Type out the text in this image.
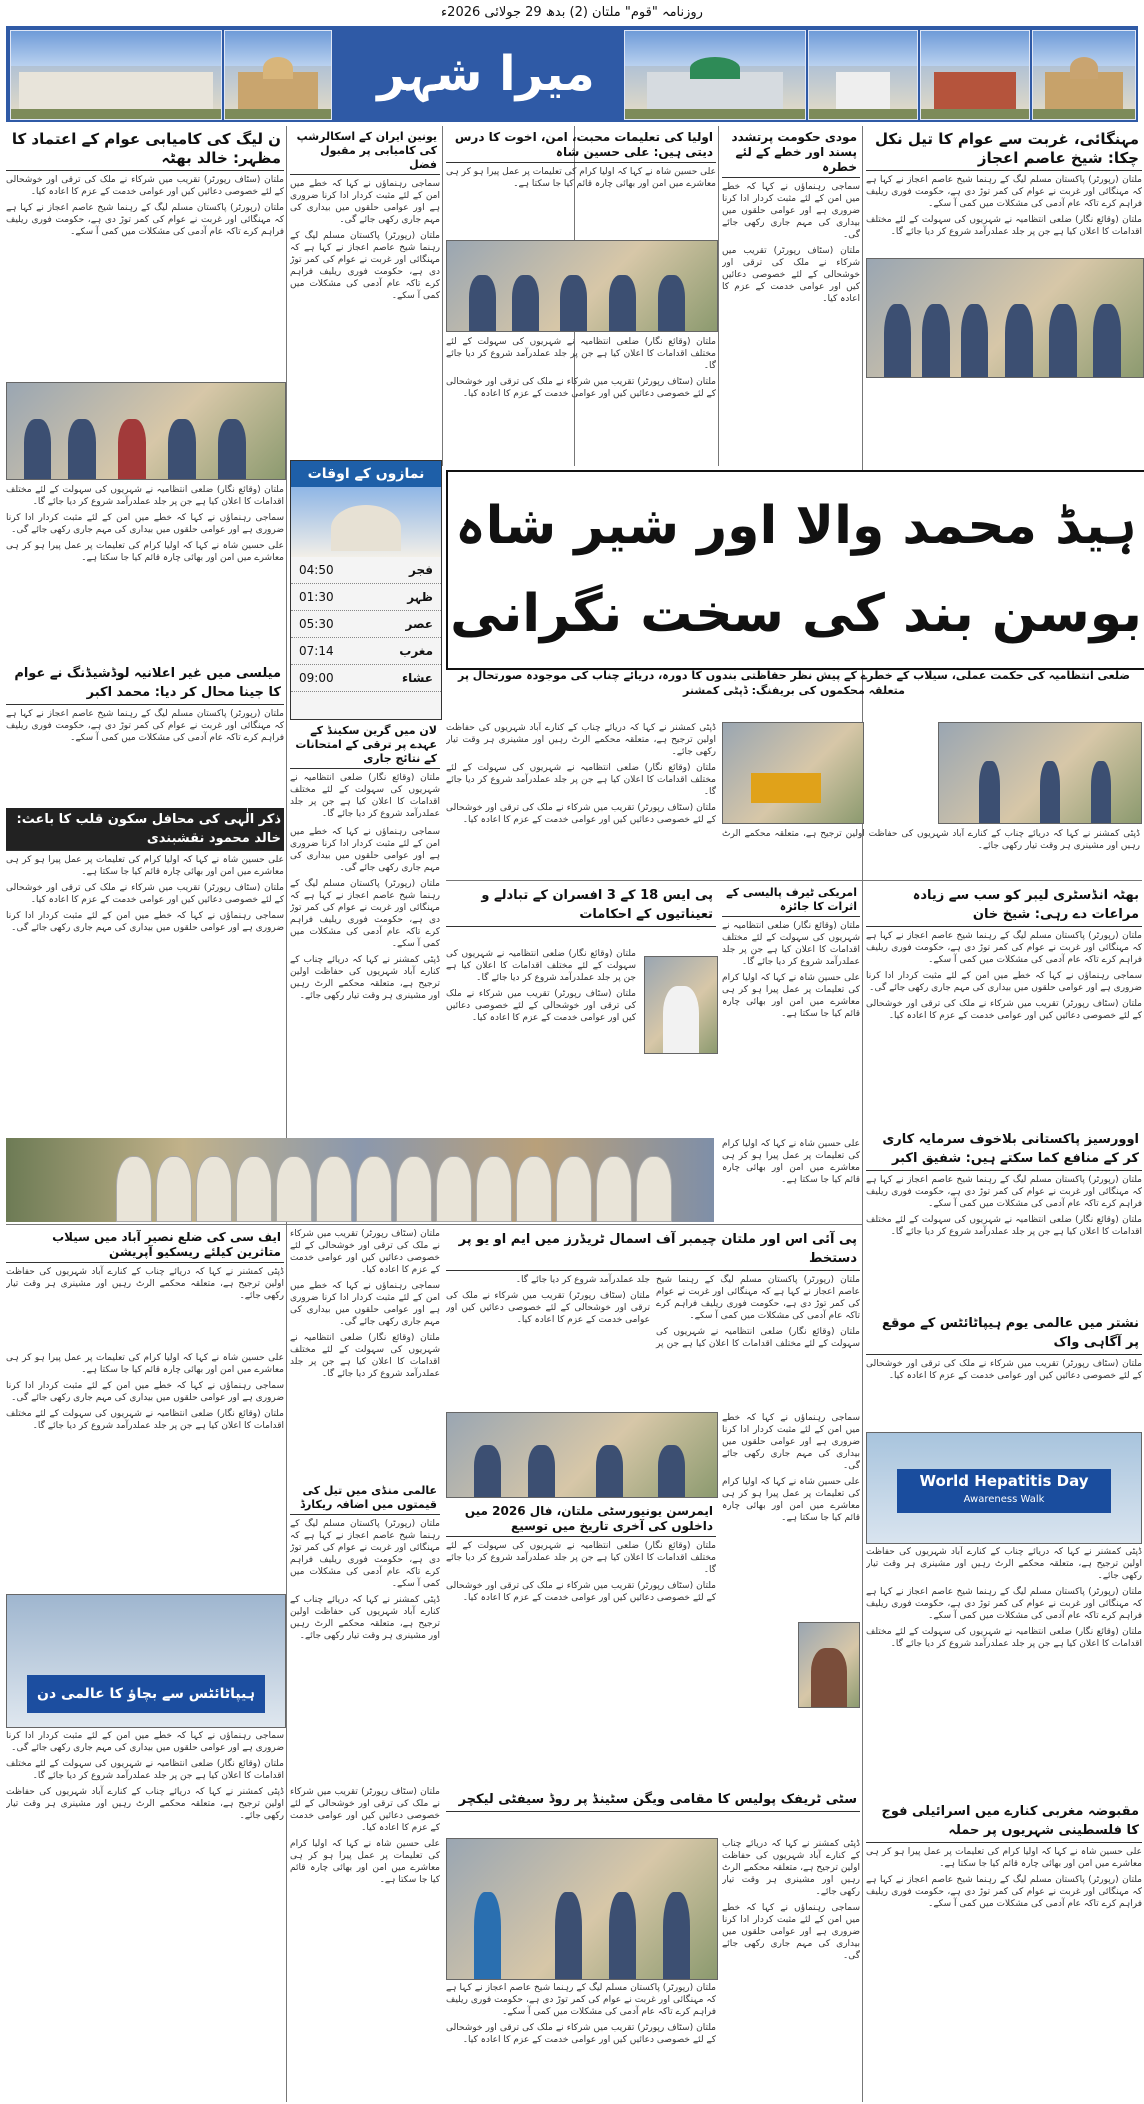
روزنامہ "قوم" ملتان (2) بدھ 29 جولائی 2026ء
میرا شہر
مہنگائی، غربت سے عوام کا تیل نکل چکا: شیخ عاصم اعجاز
ملتان (رپورٹر) پاکستان مسلم لیگ کے رہنما شیخ عاصم اعجاز نے کہا ہے کہ مہنگائی اور غربت نے عوام کی کمر توڑ دی ہے، حکومت فوری ریلیف فراہم کرے تاکہ عام آدمی کی مشکلات میں کمی آ سکے۔
ملتان (وقائع نگار) ضلعی انتظامیہ نے شہریوں کی سہولت کے لئے مختلف اقدامات کا اعلان کیا ہے جن پر جلد عملدرآمد شروع کر دیا جائے گا۔
مودی حکومت پرتشدد پسند اور خطے کے لئے خطرہ
سماجی رہنماؤں نے کہا کہ خطے میں امن کے لئے مثبت کردار ادا کرنا ضروری ہے اور عوامی حلقوں میں بیداری کی مہم جاری رکھی جائے گی۔
ملتان (سٹاف رپورٹر) تقریب میں شرکاء نے ملک کی ترقی اور خوشحالی کے لئے خصوصی دعائیں کیں اور عوامی خدمت کے عزم کا اعادہ کیا۔
اولیا کی تعلیمات محبت، امن، اخوت کا درس دیتی ہیں: علی حسین شاہ
علی حسین شاہ نے کہا کہ اولیا کرام کی تعلیمات پر عمل پیرا ہو کر ہی معاشرے میں امن اور بھائی چارہ قائم کیا جا سکتا ہے۔
ملتان (وقائع نگار) ضلعی انتظامیہ نے شہریوں کی سہولت کے لئے مختلف اقدامات کا اعلان کیا ہے جن پر جلد عملدرآمد شروع کر دیا جائے گا۔
ملتان (سٹاف رپورٹر) تقریب میں شرکاء نے ملک کی ترقی اور خوشحالی کے لئے خصوصی دعائیں کیں اور عوامی خدمت کے عزم کا اعادہ کیا۔
یونین ایران کے اسکالرشپ کی کامیابی پر مقبول فضل
سماجی رہنماؤں نے کہا کہ خطے میں امن کے لئے مثبت کردار ادا کرنا ضروری ہے اور عوامی حلقوں میں بیداری کی مہم جاری رکھی جائے گی۔
ملتان (رپورٹر) پاکستان مسلم لیگ کے رہنما شیخ عاصم اعجاز نے کہا ہے کہ مہنگائی اور غربت نے عوام کی کمر توڑ دی ہے، حکومت فوری ریلیف فراہم کرے تاکہ عام آدمی کی مشکلات میں کمی آ سکے۔
ن لیگ کی کامیابی عوام کے اعتماد کا مظہر: خالد بھٹہ
ملتان (سٹاف رپورٹر) تقریب میں شرکاء نے ملک کی ترقی اور خوشحالی کے لئے خصوصی دعائیں کیں اور عوامی خدمت کے عزم کا اعادہ کیا۔
ملتان (رپورٹر) پاکستان مسلم لیگ کے رہنما شیخ عاصم اعجاز نے کہا ہے کہ مہنگائی اور غربت نے عوام کی کمر توڑ دی ہے، حکومت فوری ریلیف فراہم کرے تاکہ عام آدمی کی مشکلات میں کمی آ سکے۔
ملتان (وقائع نگار) ضلعی انتظامیہ نے شہریوں کی سہولت کے لئے مختلف اقدامات کا اعلان کیا ہے جن پر جلد عملدرآمد شروع کر دیا جائے گا۔
سماجی رہنماؤں نے کہا کہ خطے میں امن کے لئے مثبت کردار ادا کرنا ضروری ہے اور عوامی حلقوں میں بیداری کی مہم جاری رکھی جائے گی۔
علی حسین شاہ نے کہا کہ اولیا کرام کی تعلیمات پر عمل پیرا ہو کر ہی معاشرے میں امن اور بھائی چارہ قائم کیا جا سکتا ہے۔
میلسی میں غیر اعلانیہ لوڈشیڈنگ نے عوام کا جینا محال کر دیا: محمد اکبر
ملتان (رپورٹر) پاکستان مسلم لیگ کے رہنما شیخ عاصم اعجاز نے کہا ہے کہ مہنگائی اور غربت نے عوام کی کمر توڑ دی ہے، حکومت فوری ریلیف فراہم کرے تاکہ عام آدمی کی مشکلات میں کمی آ سکے۔
ذکر الٰہی کی محافل سکون قلب کا باعث: خالد محمود نقشبندی
علی حسین شاہ نے کہا کہ اولیا کرام کی تعلیمات پر عمل پیرا ہو کر ہی معاشرے میں امن اور بھائی چارہ قائم کیا جا سکتا ہے۔
ملتان (سٹاف رپورٹر) تقریب میں شرکاء نے ملک کی ترقی اور خوشحالی کے لئے خصوصی دعائیں کیں اور عوامی خدمت کے عزم کا اعادہ کیا۔
سماجی رہنماؤں نے کہا کہ خطے میں امن کے لئے مثبت کردار ادا کرنا ضروری ہے اور عوامی حلقوں میں بیداری کی مہم جاری رکھی جائے گی۔
نمازوں کے اوقات
04:50	فجر
01:30	ظہر
05:30	عصر
07:14	مغرب
09:00	عشاء
ہیڈ محمد والا اور شیر شاہ بوسن بند کی سخت نگرانی
ضلعی انتظامیہ کی حکمت عملی، سیلاب کے خطرے کے پیش نظر حفاظتی بندوں کا دورہ، دریائے چناب کی موجودہ صورتحال پر متعلقہ محکموں کی بریفنگ: ڈپٹی کمشنر
لان میں گرین سکینڈ کے عہدے پر ترقی کے امتحانات کے نتائج جاری
ملتان (وقائع نگار) ضلعی انتظامیہ نے شہریوں کی سہولت کے لئے مختلف اقدامات کا اعلان کیا ہے جن پر جلد عملدرآمد شروع کر دیا جائے گا۔
ڈپٹی کمشنر نے کہا کہ دریائے چناب کے کنارے آباد شہریوں کی حفاظت اولین ترجیح ہے، متعلقہ محکمے الرٹ رہیں اور مشینری ہر وقت تیار رکھی جائے۔
ملتان (وقائع نگار) ضلعی انتظامیہ نے شہریوں کی سہولت کے لئے مختلف اقدامات کا اعلان کیا ہے جن پر جلد عملدرآمد شروع کر دیا جائے گا۔
ملتان (سٹاف رپورٹر) تقریب میں شرکاء نے ملک کی ترقی اور خوشحالی کے لئے خصوصی دعائیں کیں اور عوامی خدمت کے عزم کا اعادہ کیا۔
ڈپٹی کمشنر نے کہا کہ دریائے چناب کے کنارے آباد شہریوں کی حفاظت اولین ترجیح ہے، متعلقہ محکمے الرٹ رہیں اور مشینری ہر وقت تیار رکھی جائے۔
بھٹہ انڈسٹری لیبر کو سب سے زیادہ مراعات دے رہی: شیخ خان
ملتان (رپورٹر) پاکستان مسلم لیگ کے رہنما شیخ عاصم اعجاز نے کہا ہے کہ مہنگائی اور غربت نے عوام کی کمر توڑ دی ہے، حکومت فوری ریلیف فراہم کرے تاکہ عام آدمی کی مشکلات میں کمی آ سکے۔
سماجی رہنماؤں نے کہا کہ خطے میں امن کے لئے مثبت کردار ادا کرنا ضروری ہے اور عوامی حلقوں میں بیداری کی مہم جاری رکھی جائے گی۔
ملتان (سٹاف رپورٹر) تقریب میں شرکاء نے ملک کی ترقی اور خوشحالی کے لئے خصوصی دعائیں کیں اور عوامی خدمت کے عزم کا اعادہ کیا۔
امریکی ٹیرف پالیسی کے اثرات کا جائزہ
ملتان (وقائع نگار) ضلعی انتظامیہ نے شہریوں کی سہولت کے لئے مختلف اقدامات کا اعلان کیا ہے جن پر جلد عملدرآمد شروع کر دیا جائے گا۔
علی حسین شاہ نے کہا کہ اولیا کرام کی تعلیمات پر عمل پیرا ہو کر ہی معاشرے میں امن اور بھائی چارہ قائم کیا جا سکتا ہے۔
پی ایس 18 کے 3 افسران کے تبادلے و تعیناتیوں کے احکامات
ملتان (وقائع نگار) ضلعی انتظامیہ نے شہریوں کی سہولت کے لئے مختلف اقدامات کا اعلان کیا ہے جن پر جلد عملدرآمد شروع کر دیا جائے گا۔
ملتان (سٹاف رپورٹر) تقریب میں شرکاء نے ملک کی ترقی اور خوشحالی کے لئے خصوصی دعائیں کیں اور عوامی خدمت کے عزم کا اعادہ کیا۔
سماجی رہنماؤں نے کہا کہ خطے میں امن کے لئے مثبت کردار ادا کرنا ضروری ہے اور عوامی حلقوں میں بیداری کی مہم جاری رکھی جائے گی۔
ملتان (رپورٹر) پاکستان مسلم لیگ کے رہنما شیخ عاصم اعجاز نے کہا ہے کہ مہنگائی اور غربت نے عوام کی کمر توڑ دی ہے، حکومت فوری ریلیف فراہم کرے تاکہ عام آدمی کی مشکلات میں کمی آ سکے۔
ڈپٹی کمشنر نے کہا کہ دریائے چناب کے کنارے آباد شہریوں کی حفاظت اولین ترجیح ہے، متعلقہ محکمے الرٹ رہیں اور مشینری ہر وقت تیار رکھی جائے۔
علی حسین شاہ نے کہا کہ اولیا کرام کی تعلیمات پر عمل پیرا ہو کر ہی معاشرے میں امن اور بھائی چارہ قائم کیا جا سکتا ہے۔
اوورسیز پاکستانی بلاخوف سرمایہ کاری کر کے منافع کما سکتے ہیں: شفیق اکبر
ملتان (رپورٹر) پاکستان مسلم لیگ کے رہنما شیخ عاصم اعجاز نے کہا ہے کہ مہنگائی اور غربت نے عوام کی کمر توڑ دی ہے، حکومت فوری ریلیف فراہم کرے تاکہ عام آدمی کی مشکلات میں کمی آ سکے۔
ملتان (وقائع نگار) ضلعی انتظامیہ نے شہریوں کی سہولت کے لئے مختلف اقدامات کا اعلان کیا ہے جن پر جلد عملدرآمد شروع کر دیا جائے گا۔
ایف سی کی ضلع نصیر آباد میں سیلاب متاثرین کیلئے ریسکیو آپریشن
ڈپٹی کمشنر نے کہا کہ دریائے چناب کے کنارے آباد شہریوں کی حفاظت اولین ترجیح ہے، متعلقہ محکمے الرٹ رہیں اور مشینری ہر وقت تیار رکھی جائے۔
ملتان (سٹاف رپورٹر) تقریب میں شرکاء نے ملک کی ترقی اور خوشحالی کے لئے خصوصی دعائیں کیں اور عوامی خدمت کے عزم کا اعادہ کیا۔
سماجی رہنماؤں نے کہا کہ خطے میں امن کے لئے مثبت کردار ادا کرنا ضروری ہے اور عوامی حلقوں میں بیداری کی مہم جاری رکھی جائے گی۔
ملتان (وقائع نگار) ضلعی انتظامیہ نے شہریوں کی سہولت کے لئے مختلف اقدامات کا اعلان کیا ہے جن پر جلد عملدرآمد شروع کر دیا جائے گا۔
پی آئی اس اور ملتان چیمبر آف اسمال ٹریڈرز میں ایم او یو پر دستخط
ملتان (رپورٹر) پاکستان مسلم لیگ کے رہنما شیخ عاصم اعجاز نے کہا ہے کہ مہنگائی اور غربت نے عوام کی کمر توڑ دی ہے، حکومت فوری ریلیف فراہم کرے تاکہ عام آدمی کی مشکلات میں کمی آ سکے۔
ملتان (وقائع نگار) ضلعی انتظامیہ نے شہریوں کی سہولت کے لئے مختلف اقدامات کا اعلان کیا ہے جن پر جلد عملدرآمد شروع کر دیا جائے گا۔
ملتان (سٹاف رپورٹر) تقریب میں شرکاء نے ملک کی ترقی اور خوشحالی کے لئے خصوصی دعائیں کیں اور عوامی خدمت کے عزم کا اعادہ کیا۔
سماجی رہنماؤں نے کہا کہ خطے میں امن کے لئے مثبت کردار ادا کرنا ضروری ہے اور عوامی حلقوں میں بیداری کی مہم جاری رکھی جائے گی۔
علی حسین شاہ نے کہا کہ اولیا کرام کی تعلیمات پر عمل پیرا ہو کر ہی معاشرے میں امن اور بھائی چارہ قائم کیا جا سکتا ہے۔
نشتر میں عالمی یوم ہیپاٹائٹس کے موقع پر آگاہی واک
ملتان (سٹاف رپورٹر) تقریب میں شرکاء نے ملک کی ترقی اور خوشحالی کے لئے خصوصی دعائیں کیں اور عوامی خدمت کے عزم کا اعادہ کیا۔
World Hepatitis Day
Awareness Walk
ڈپٹی کمشنر نے کہا کہ دریائے چناب کے کنارے آباد شہریوں کی حفاظت اولین ترجیح ہے، متعلقہ محکمے الرٹ رہیں اور مشینری ہر وقت تیار رکھی جائے۔
ملتان (رپورٹر) پاکستان مسلم لیگ کے رہنما شیخ عاصم اعجاز نے کہا ہے کہ مہنگائی اور غربت نے عوام کی کمر توڑ دی ہے، حکومت فوری ریلیف فراہم کرے تاکہ عام آدمی کی مشکلات میں کمی آ سکے۔
ملتان (وقائع نگار) ضلعی انتظامیہ نے شہریوں کی سہولت کے لئے مختلف اقدامات کا اعلان کیا ہے جن پر جلد عملدرآمد شروع کر دیا جائے گا۔
علی حسین شاہ نے کہا کہ اولیا کرام کی تعلیمات پر عمل پیرا ہو کر ہی معاشرے میں امن اور بھائی چارہ قائم کیا جا سکتا ہے۔
سماجی رہنماؤں نے کہا کہ خطے میں امن کے لئے مثبت کردار ادا کرنا ضروری ہے اور عوامی حلقوں میں بیداری کی مہم جاری رکھی جائے گی۔
ملتان (وقائع نگار) ضلعی انتظامیہ نے شہریوں کی سہولت کے لئے مختلف اقدامات کا اعلان کیا ہے جن پر جلد عملدرآمد شروع کر دیا جائے گا۔
ہیپاٹائٹس سے بچاؤ کا عالمی دن
عالمی منڈی میں تیل کی قیمتوں میں اضافہ ریکارڈ
ملتان (رپورٹر) پاکستان مسلم لیگ کے رہنما شیخ عاصم اعجاز نے کہا ہے کہ مہنگائی اور غربت نے عوام کی کمر توڑ دی ہے، حکومت فوری ریلیف فراہم کرے تاکہ عام آدمی کی مشکلات میں کمی آ سکے۔
ڈپٹی کمشنر نے کہا کہ دریائے چناب کے کنارے آباد شہریوں کی حفاظت اولین ترجیح ہے، متعلقہ محکمے الرٹ رہیں اور مشینری ہر وقت تیار رکھی جائے۔
ایمرسن یونیورسٹی ملتان، فال 2026 میں داخلوں کی آخری تاریخ میں توسیع
ملتان (وقائع نگار) ضلعی انتظامیہ نے شہریوں کی سہولت کے لئے مختلف اقدامات کا اعلان کیا ہے جن پر جلد عملدرآمد شروع کر دیا جائے گا۔
ملتان (سٹاف رپورٹر) تقریب میں شرکاء نے ملک کی ترقی اور خوشحالی کے لئے خصوصی دعائیں کیں اور عوامی خدمت کے عزم کا اعادہ کیا۔
سٹی ٹریفک پولیس کا مقامی ویگن سٹینڈ پر روڈ سیفٹی لیکچر
ڈپٹی کمشنر نے کہا کہ دریائے چناب کے کنارے آباد شہریوں کی حفاظت اولین ترجیح ہے، متعلقہ محکمے الرٹ رہیں اور مشینری ہر وقت تیار رکھی جائے۔
سماجی رہنماؤں نے کہا کہ خطے میں امن کے لئے مثبت کردار ادا کرنا ضروری ہے اور عوامی حلقوں میں بیداری کی مہم جاری رکھی جائے گی۔
ملتان (رپورٹر) پاکستان مسلم لیگ کے رہنما شیخ عاصم اعجاز نے کہا ہے کہ مہنگائی اور غربت نے عوام کی کمر توڑ دی ہے، حکومت فوری ریلیف فراہم کرے تاکہ عام آدمی کی مشکلات میں کمی آ سکے۔
ملتان (سٹاف رپورٹر) تقریب میں شرکاء نے ملک کی ترقی اور خوشحالی کے لئے خصوصی دعائیں کیں اور عوامی خدمت کے عزم کا اعادہ کیا۔
مقبوضہ مغربی کنارے میں اسرائیلی فوج کا فلسطینی شہریوں پر حملہ
علی حسین شاہ نے کہا کہ اولیا کرام کی تعلیمات پر عمل پیرا ہو کر ہی معاشرے میں امن اور بھائی چارہ قائم کیا جا سکتا ہے۔
ملتان (رپورٹر) پاکستان مسلم لیگ کے رہنما شیخ عاصم اعجاز نے کہا ہے کہ مہنگائی اور غربت نے عوام کی کمر توڑ دی ہے، حکومت فوری ریلیف فراہم کرے تاکہ عام آدمی کی مشکلات میں کمی آ سکے۔
سماجی رہنماؤں نے کہا کہ خطے میں امن کے لئے مثبت کردار ادا کرنا ضروری ہے اور عوامی حلقوں میں بیداری کی مہم جاری رکھی جائے گی۔
ملتان (وقائع نگار) ضلعی انتظامیہ نے شہریوں کی سہولت کے لئے مختلف اقدامات کا اعلان کیا ہے جن پر جلد عملدرآمد شروع کر دیا جائے گا۔
ڈپٹی کمشنر نے کہا کہ دریائے چناب کے کنارے آباد شہریوں کی حفاظت اولین ترجیح ہے، متعلقہ محکمے الرٹ رہیں اور مشینری ہر وقت تیار رکھی جائے۔
ملتان (سٹاف رپورٹر) تقریب میں شرکاء نے ملک کی ترقی اور خوشحالی کے لئے خصوصی دعائیں کیں اور عوامی خدمت کے عزم کا اعادہ کیا۔
علی حسین شاہ نے کہا کہ اولیا کرام کی تعلیمات پر عمل پیرا ہو کر ہی معاشرے میں امن اور بھائی چارہ قائم کیا جا سکتا ہے۔
